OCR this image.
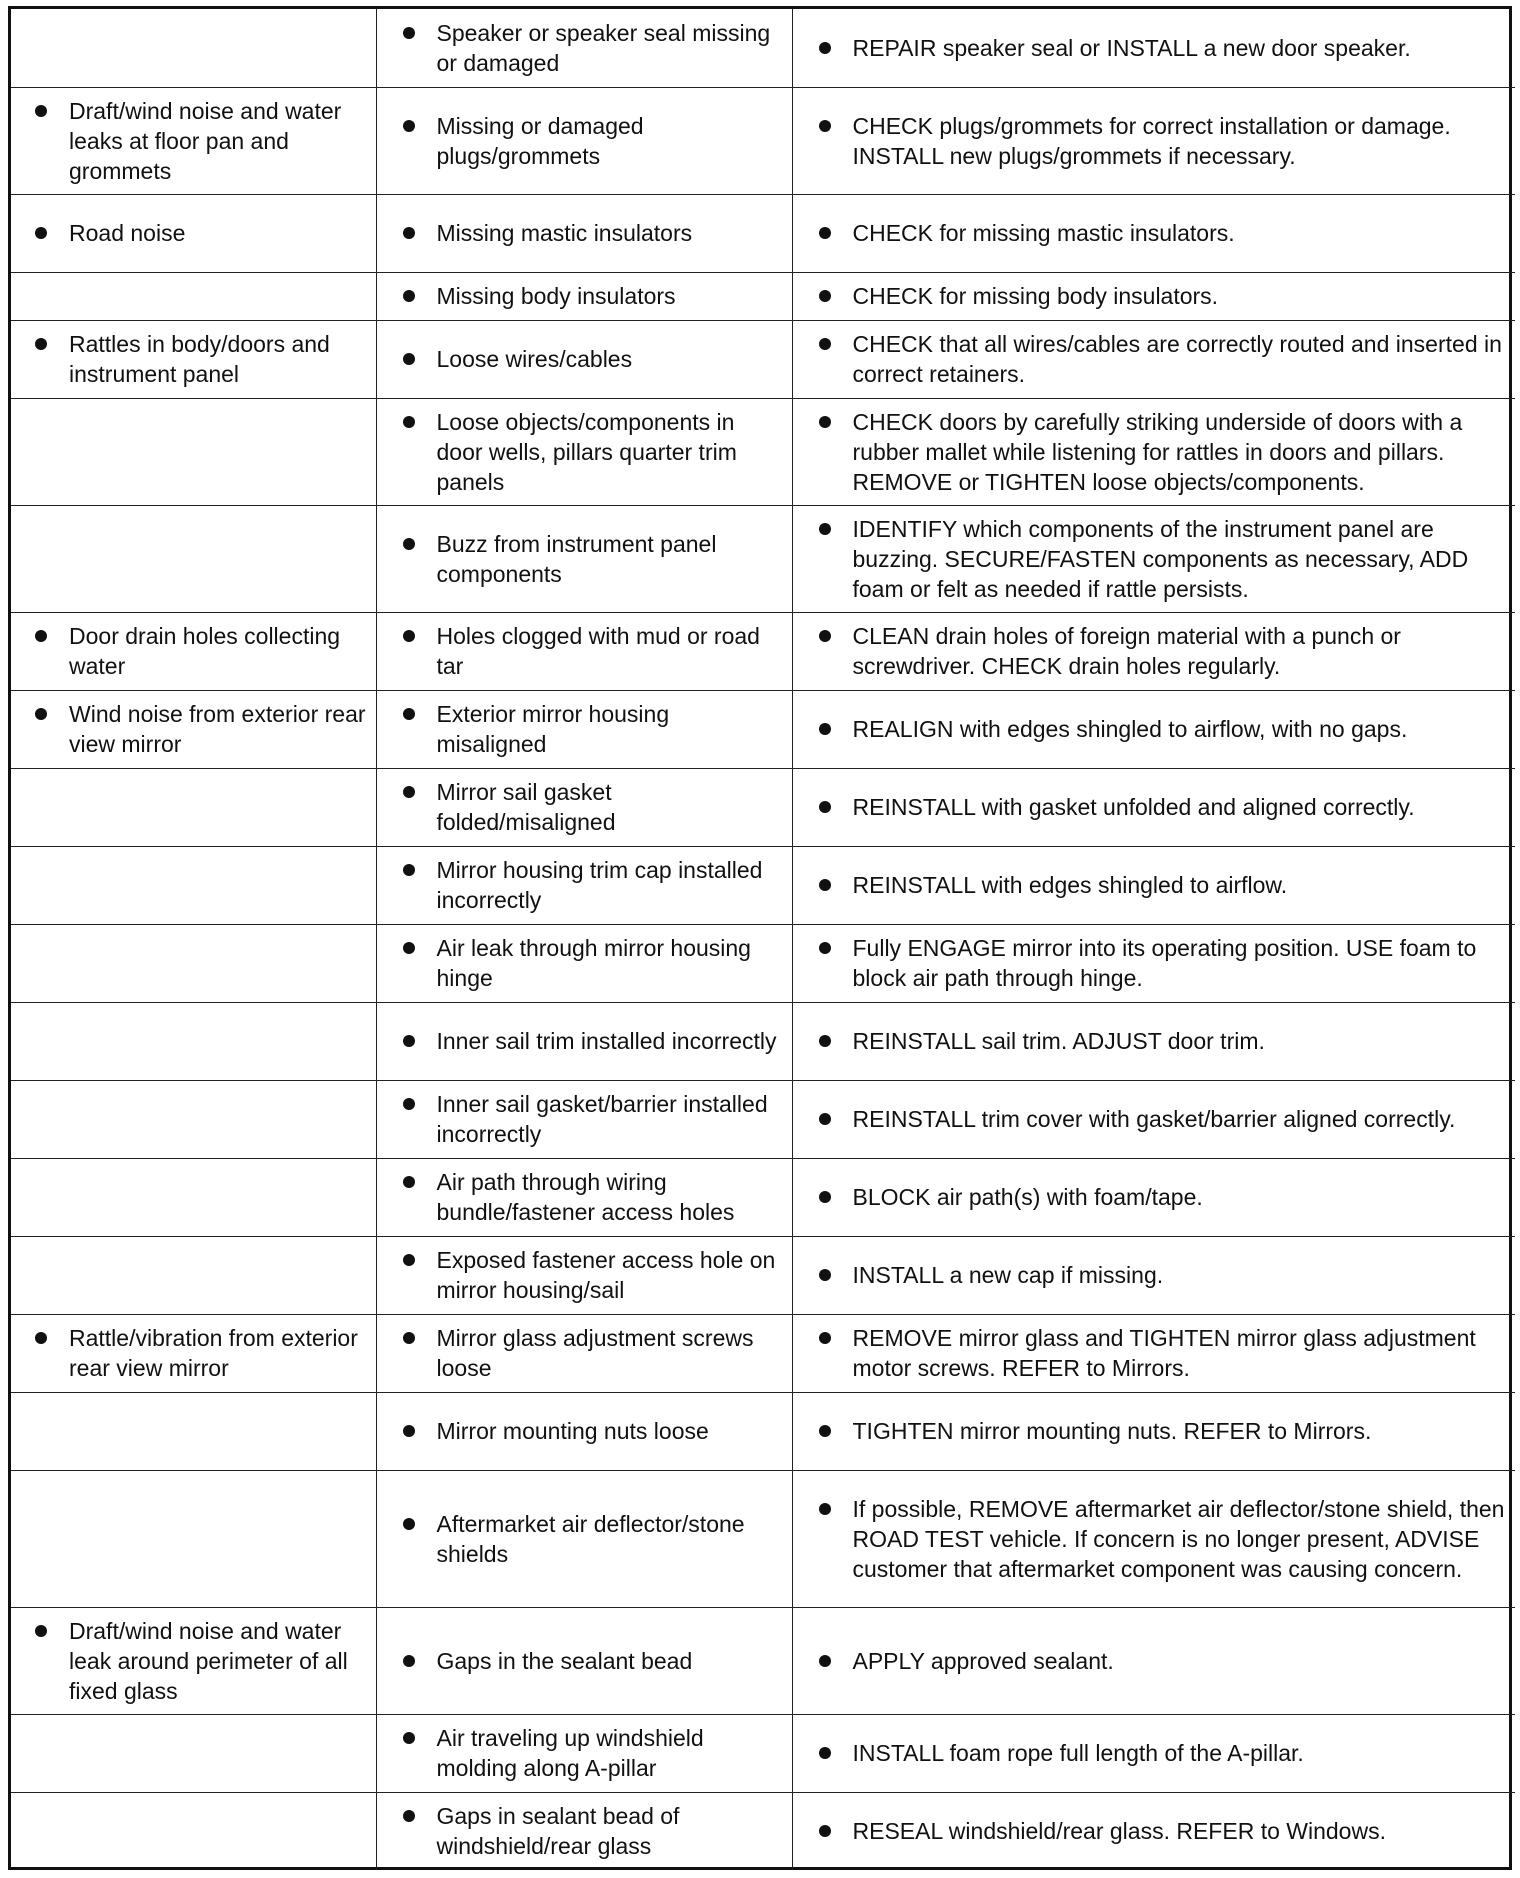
	Speaker or speaker seal missing or damaged	REPAIR speaker seal or INSTALL a new door speaker.

Draft/wind noise and water leaks at floor pan and grommets	Missing or damaged plugs/grommets	CHECK plugs/grommets for correct installation or damage. INSTALL new plugs/grommets if necessary.

Road noise	Missing mastic insulators	CHECK for missing mastic insulators.

	Missing body insulators	CHECK for missing body insulators.

Rattles in body/doors and instrument panel	Loose wires/cables	CHECK that all wires/cables are correctly routed and inserted in correct retainers.

	Loose objects/components in door wells, pillars quarter trim panels	CHECK doors by carefully striking underside of doors with a rubber mallet while listening for rattles in doors and pillars. REMOVE or TIGHTEN loose objects/components.

	Buzz from instrument panel components	IDENTIFY which components of the instrument panel are buzzing. SECURE/FASTEN components as necessary, ADD foam or felt as needed if rattle persists.

Door drain holes collecting water	Holes clogged with mud or road tar	CLEAN drain holes of foreign material with a punch or screwdriver. CHECK drain holes regularly.

Wind noise from exterior rear view mirror	Exterior mirror housing misaligned	REALIGN with edges shingled to airflow, with no gaps.

	Mirror sail gasket folded/misaligned	REINSTALL with gasket unfolded and aligned correctly.

	Mirror housing trim cap installed incorrectly	REINSTALL with edges shingled to airflow.

	Air leak through mirror housing hinge	Fully ENGAGE mirror into its operating position. USE foam to block air path through hinge.

	Inner sail trim installed incorrectly	REINSTALL sail trim. ADJUST door trim.

	Inner sail gasket/barrier installed incorrectly	REINSTALL trim cover with gasket/barrier aligned correctly.

	Air path through wiring bundle/fastener access holes	BLOCK air path(s) with foam/tape.

	Exposed fastener access hole on mirror housing/sail	INSTALL a new cap if missing.

Rattle/vibration from exterior rear view mirror	Mirror glass adjustment screws loose	REMOVE mirror glass and TIGHTEN mirror glass adjustment motor screws. REFER to Mirrors.

	Mirror mounting nuts loose	TIGHTEN mirror mounting nuts. REFER to Mirrors.

	Aftermarket air deflector/stone shields	If possible, REMOVE aftermarket air deflector/stone shield, then ROAD TEST vehicle. If concern is no longer present, ADVISE customer that aftermarket component was causing concern.

Draft/wind noise and water leak around perimeter of all fixed glass	Gaps in the sealant bead	APPLY approved sealant.

	Air traveling up windshield molding along A-pillar	INSTALL foam rope full length of the A-pillar.

	Gaps in sealant bead of windshield/rear glass	RESEAL windshield/rear glass. REFER to Windows.
